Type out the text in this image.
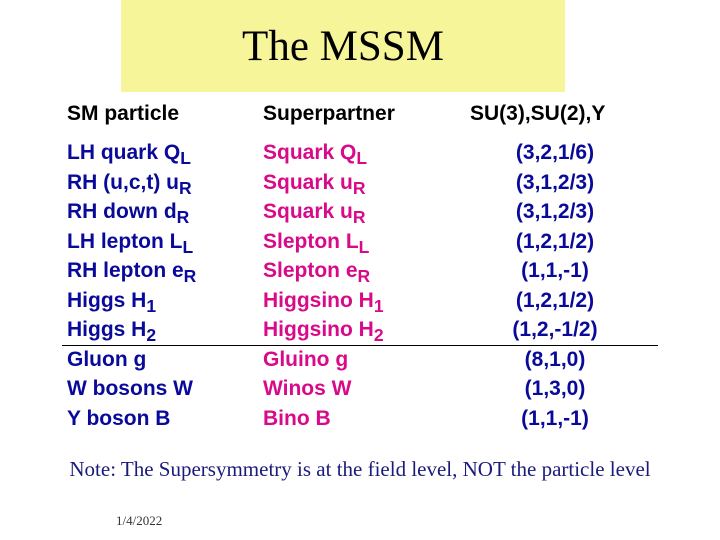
The MSSM
SM particle	Superpartner	SU(3),SU(2),Y
LH quark $Q_L$	Squark $Q_L$	(3,2,1/6)
RH (u,c,t) $u_R$	Squark $u_R$	(3,1,2/3)
RH down $d_R$	Squark $u_R$	(3,1,2/3)
LH lepton $L_L$	Slepton $L_L$	(1,2,1/2)
RH lepton $e_R$	Slepton $e_R$	(1,1,-1)
Higgs $H_1$	Higgsino $H_1$	(1,2,1/2)
Higgs $H_2$	Higgsino $H_2$	(1,2,-1/2)
Gluon g	Gluino g	(8,1,0)
W bosons W	Winos W	(1,3,0)
Y boson B	Bino B	(1,1,-1)
Note: The Supersymmetry is at the field level, NOT the particle level
1/4/2022
